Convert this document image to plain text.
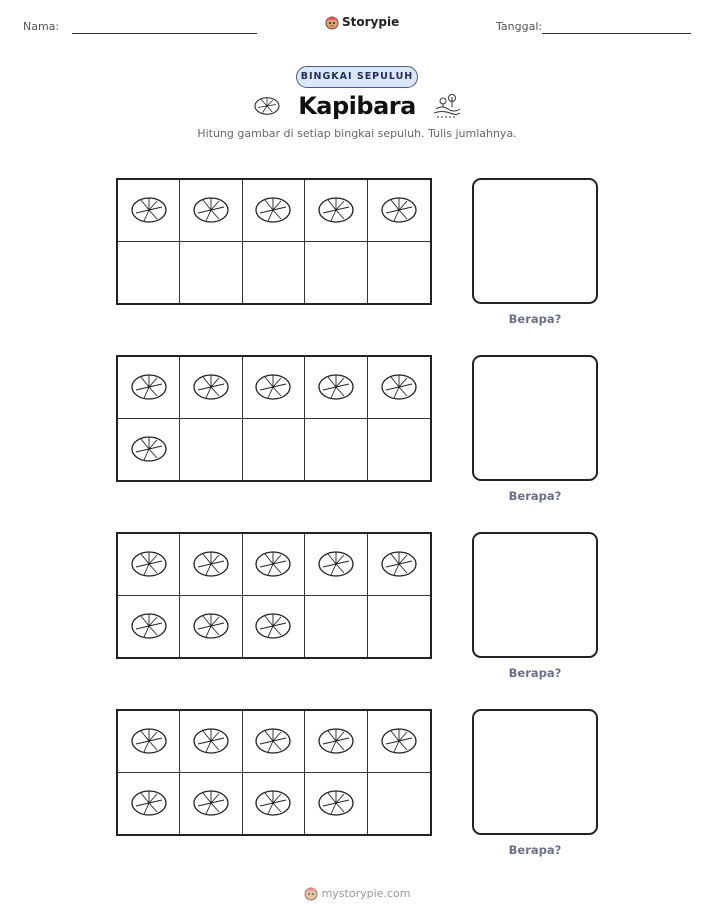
Nama:	Storypie	Tanggal:
BINGKAI SEPULUH
Kapibara
Hitung gambar di setiap bingkai sepuluh. Tulis jumlahnya.
Berapa?
Berapa?
Berapa?
Berapa?
mystorypie.com
